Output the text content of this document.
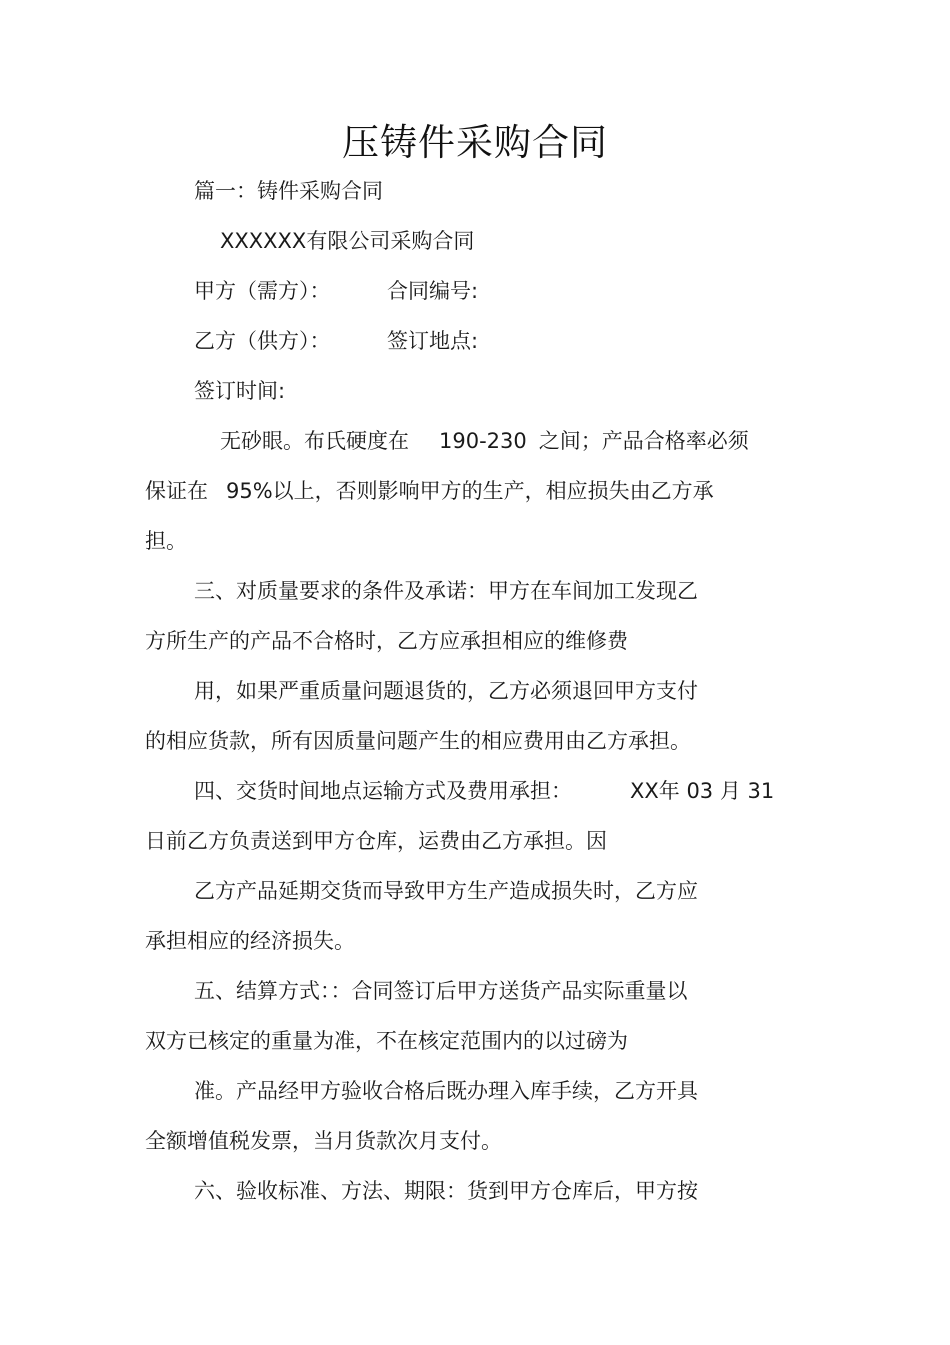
压铸件采购合同
篇一：铸件采购合同
XXXXXX有限公司采购合同
甲方（需方）：	合同编号:
乙方（供方）：	签订地点:
签订时间:
无砂眼。布氏硬度在 190-230 之间；产品合格率必须
保证在 95%以上，否则影响甲方的生产，相应损失由乙方承
担。
三、对质量要求的条件及承诺：甲方在车间加工发现乙
方所生产的产品不合格时，乙方应承担相应的维修费
用，如果严重质量问题退货的，乙方必须退回甲方支付
的相应货款，所有因质量问题产生的相应费用由乙方承担。
四、交货时间地点运输方式及费用承担：	XX年 03 月 31
日前乙方负责送到甲方仓库，运费由乙方承担。因
乙方产品延期交货而导致甲方生产造成损失时，乙方应
承担相应的经济损失。
五、结算方式：：合同签订后甲方送货产品实际重量以
双方已核定的重量为准，不在核定范围内的以过磅为
准。产品经甲方验收合格后既办理入库手续，乙方开具
全额增值税发票，当月货款次月支付。
六、验收标准、方法、期限：货到甲方仓库后，甲方按
